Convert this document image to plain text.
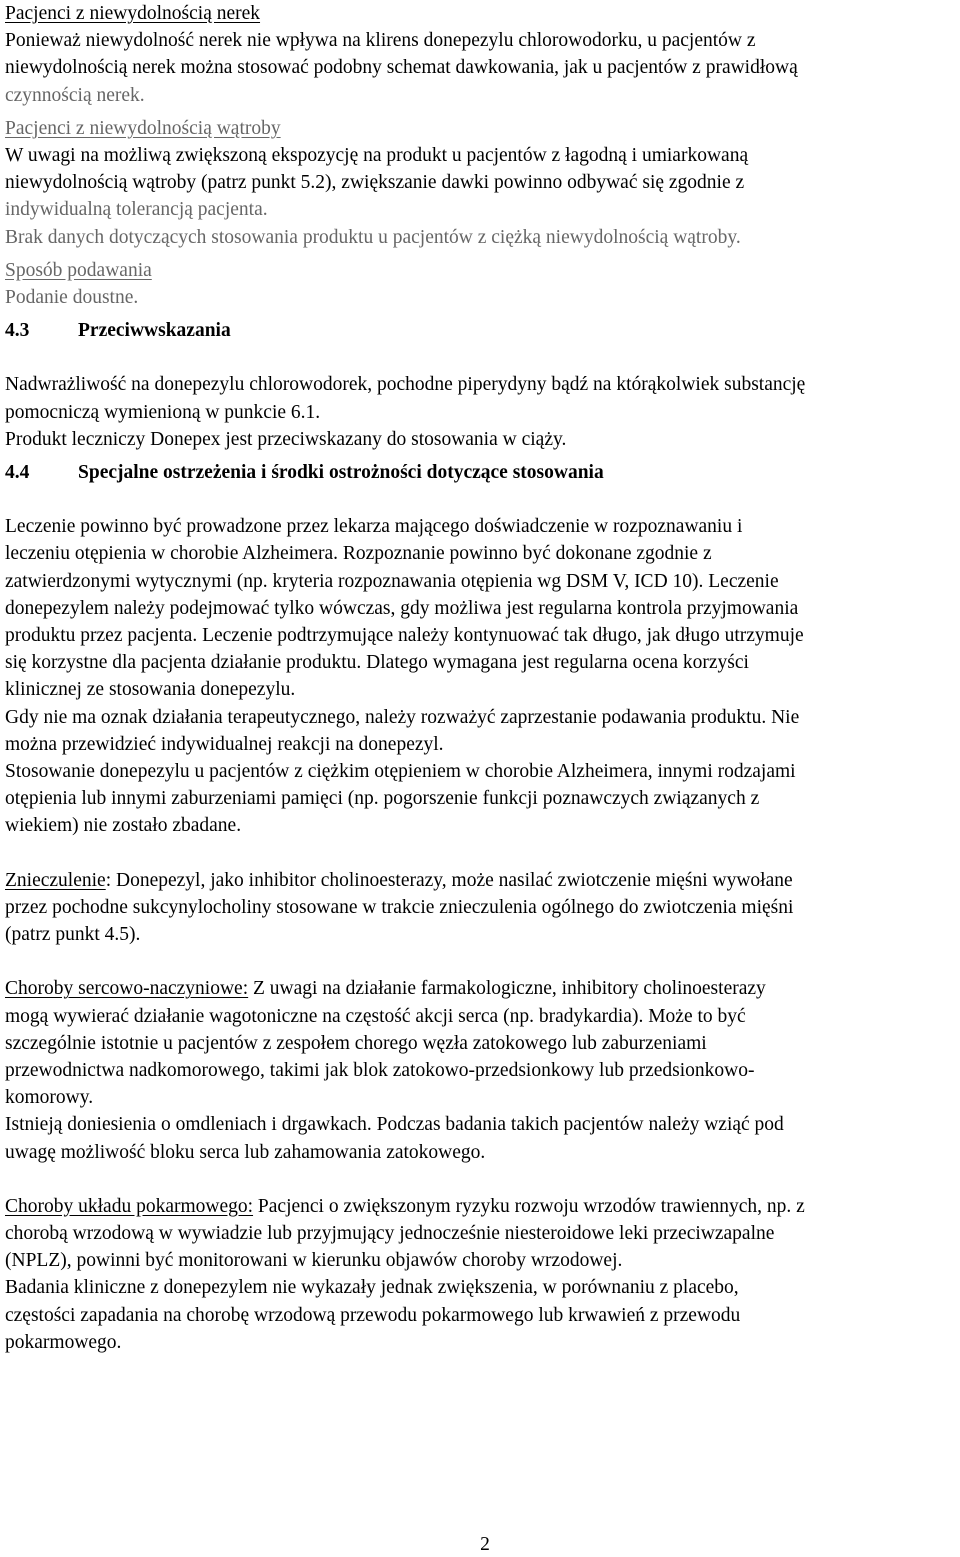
Pacjenci z niewydolnością nerek
Ponieważ niewydolność nerek nie wpływa na klirens donepezylu chlorowodorku, u pacjentów z
niewydolnością nerek można stosować podobny schemat dawkowania, jak u pacjentów z prawidłową
czynnością nerek.
Pacjenci z niewydolnością wątroby
W uwagi na możliwą zwiększoną ekspozycję na produkt u pacjentów z łagodną i umiarkowaną
niewydolnością wątroby (patrz punkt 5.2), zwiększanie dawki powinno odbywać się zgodnie z
indywidualną tolerancją pacjenta.
Brak danych dotyczących stosowania produktu u pacjentów z ciężką niewydolnością wątroby.
Sposób podawania
Podanie doustne.
4.3 Przeciwwskazania
Nadwrażliwość na donepezylu chlorowodorek, pochodne piperydyny bądź na którąkolwiek substancję
pomocniczą wymienioną w punkcie 6.1.
Produkt leczniczy Donepex jest przeciwskazany do stosowania w ciąży.
4.4 Specjalne ostrzeżenia i środki ostrożności dotyczące stosowania
Leczenie powinno być prowadzone przez lekarza mającego doświadczenie w rozpoznawaniu i
leczeniu otępienia w chorobie Alzheimera. Rozpoznanie powinno być dokonane zgodnie z
zatwierdzonymi wytycznymi (np. kryteria rozpoznawania otępienia wg DSM V, ICD 10). Leczenie
donepezylem należy podejmować tylko wówczas, gdy możliwa jest regularna kontrola przyjmowania
produktu przez pacjenta. Leczenie podtrzymujące należy kontynuować tak długo, jak długo utrzymuje
się korzystne dla pacjenta działanie produktu. Dlatego wymagana jest regularna ocena korzyści
klinicznej ze stosowania donepezylu.
Gdy nie ma oznak działania terapeutycznego, należy rozważyć zaprzestanie podawania produktu. Nie
można przewidzieć indywidualnej reakcji na donepezyl.
Stosowanie donepezylu u pacjentów z ciężkim otępieniem w chorobie Alzheimera, innymi rodzajami
otępienia lub innymi zaburzeniami pamięci (np. pogorszenie funkcji poznawczych związanych z
wiekiem) nie zostało zbadane.
Znieczulenie: Donepezyl, jako inhibitor cholinoesterazy, może nasilać zwiotczenie mięśni wywołane
przez pochodne sukcynylocholiny stosowane w trakcie znieczulenia ogólnego do zwiotczenia mięśni
(patrz punkt 4.5).
Choroby sercowo-naczyniowe: Z uwagi na działanie farmakologiczne, inhibitory cholinoesterazy
mogą wywierać działanie wagotoniczne na częstość akcji serca (np. bradykardia). Może to być
szczególnie istotnie u pacjentów z zespołem chorego węzła zatokowego lub zaburzeniami
przewodnictwa nadkomorowego, takimi jak blok zatokowo-przedsionkowy lub przedsionkowo-
komorowy.
Istnieją doniesienia o omdleniach i drgawkach. Podczas badania takich pacjentów należy wziąć pod
uwagę możliwość bloku serca lub zahamowania zatokowego.
Choroby układu pokarmowego: Pacjenci o zwiększonym ryzyku rozwoju wrzodów trawiennych, np. z
chorobą wrzodową w wywiadzie lub przyjmujący jednocześnie niesteroidowe leki przeciwzapalne
(NPLZ), powinni być monitorowani w kierunku objawów choroby wrzodowej.
Badania kliniczne z donepezylem nie wykazały jednak zwiększenia, w porównaniu z placebo,
częstości zapadania na chorobę wrzodową przewodu pokarmowego lub krwawień z przewodu
pokarmowego.
2
